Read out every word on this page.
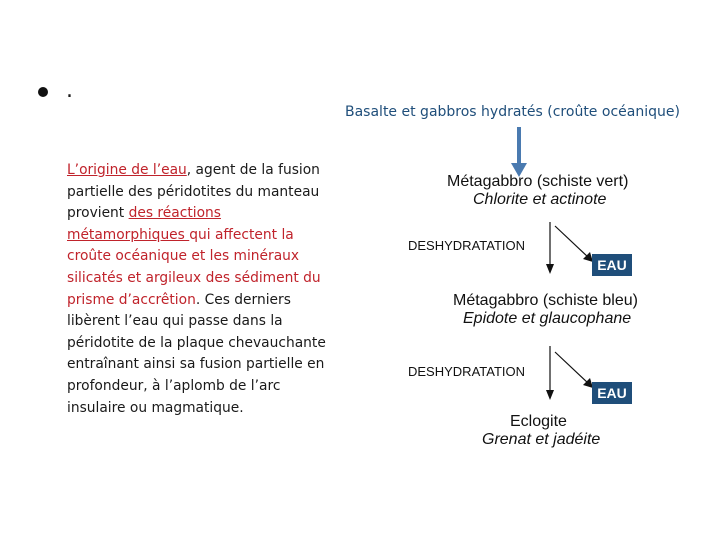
.
L’origine de l’eau, agent de la fusion partielle des péridotites du manteau provient des réactions métamorphiques qui affectent la croûte océanique et les minéraux silicatés et argileux des sédiment du prisme d’accrêtion. Ces derniers libèrent l’eau qui passe dans la péridotite de la plaque chevauchante entraînant ainsi sa fusion partielle en profondeur, à l’aplomb de l’arc insulaire ou magmatique.
Basalte et gabbros hydratés (croûte océanique)
Métagabbro (schiste vert)
Chlorite et actinote
DESHYDRATATION
EAU
Métagabbro (schiste bleu)
Epidote et glaucophane
DESHYDRATATION
EAU
Eclogite
Grenat et jadéite
